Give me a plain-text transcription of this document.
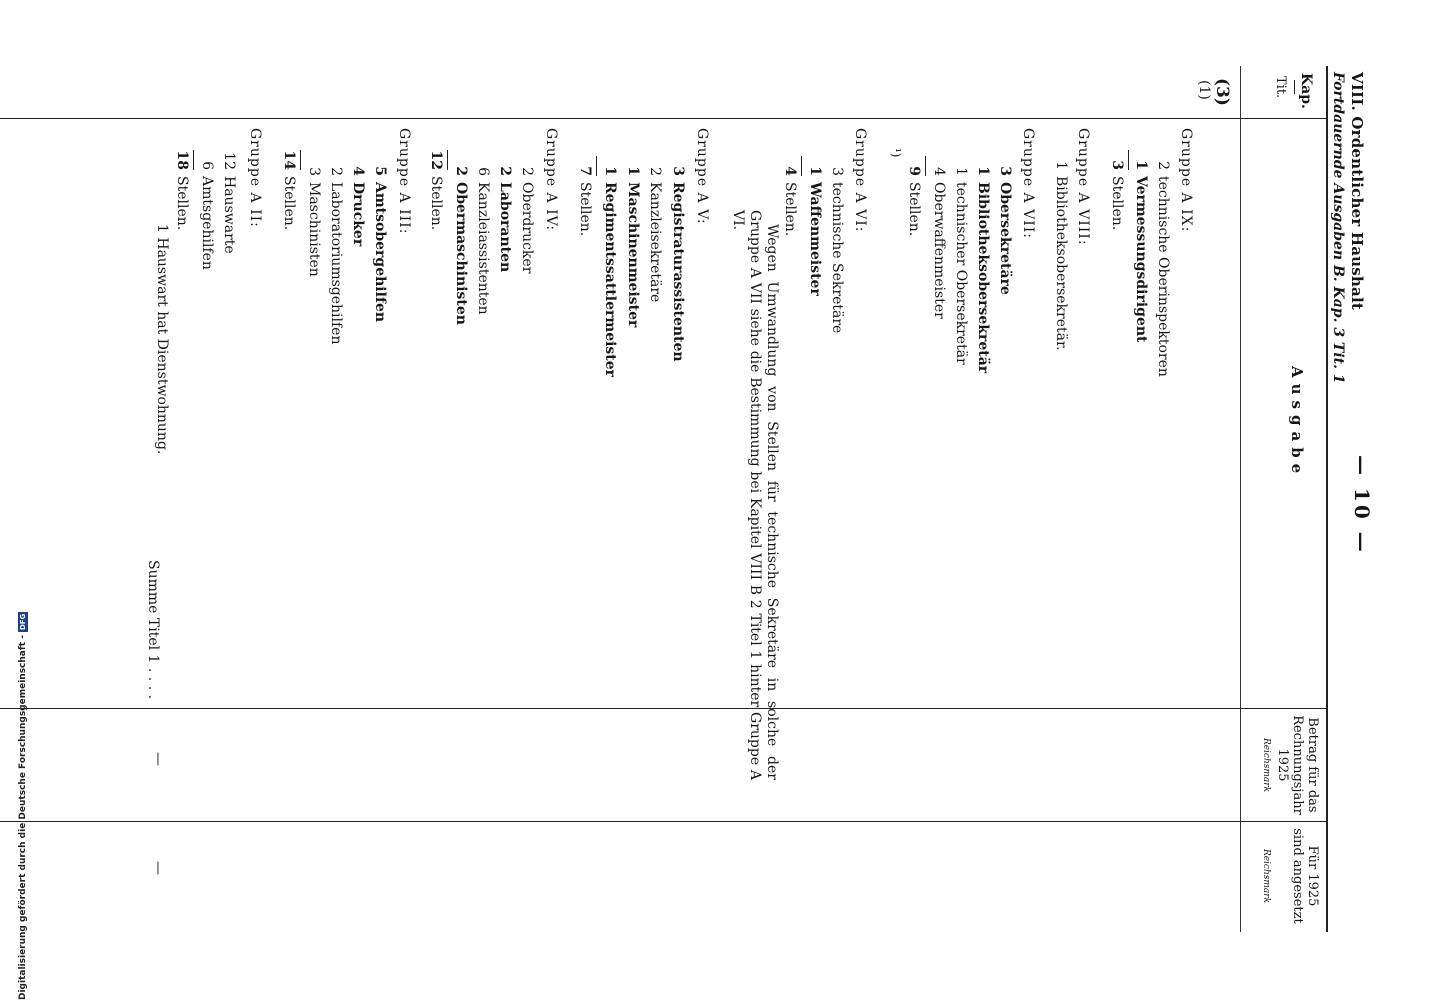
VIII. Ordentlicher Haushalt
Fortdauernde Ausgaben B. Kap. 3 Tit. 1
— 10 —
Kap.
Tit.
Ausgabe
Betrag für das
Rechnungsjahr
1925
Reichsmark
Für 1925
sind angesetzt
Reichsmark
(3)
(1)
Gruppe A IX:
2
technische Oberinspektoren
1
Vermessungsdirigent
3
Stellen.
Gruppe A VIII:
1
Bibliotheksobersekretär.
Gruppe A VII:
3
Obersekretäre
1
Bibliotheksobersekretär
1
technischer Obersekretär
4
Oberwaffenmeister
9
Stellen.
¹)
Gruppe A VI:
3
technische Sekretäre
1
Waffenmeister
4
Stellen.
Wegen Umwandlung von Stellen für technische Sekretäre in solche der Gruppe A VII siehe die Bestimmung bei Kapitel VIII B 2 Titel 1 hinter Gruppe A VI.
Gruppe A V:
3
Registraturassistenten
2
Kanzleisekretäre
1
Maschinenmeister
1
Regimentssattlermeister
7
Stellen.
Gruppe A IV:
2
Oberdrucker
2
Laboranten
6
Kanzleiassistenten
2
Obermaschinisten
12
Stellen.
Gruppe A III:
5
Amtsobergehilfen
4
Drucker
2
Laboratoriumsgehilfen
3
Maschinisten
14
Stellen.
Gruppe A II:
12
Hauswarte
6
Amtsgehilfen
18
Stellen.
1 Hauswart hat Dienstwohnung.
Summe Titel 1 . . . .
—
—
Digitalisierung gefördert durch die Deutsche Forschungsgemeinschaft -
DFG
